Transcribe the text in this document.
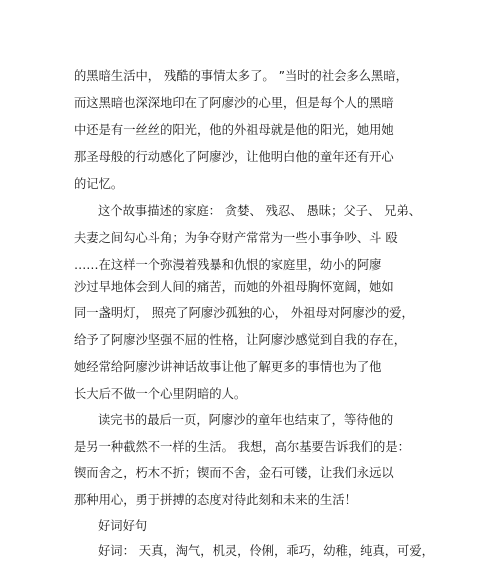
的黑暗生活中， 残酷的事情太多了。 ”当时的社会多么黑暗，
而这黑暗也深深地印在了阿廖沙的心里，但是每个人的黑暗
中还是有一丝丝的阳光，他的外祖母就是他的阳光，她用她
那圣母般的行动感化了阿廖沙，让他明白他的童年还有开心
的记忆。
这个故事描述的家庭： 贪婪、 残忍、 愚昧；父子、 兄弟、
夫妻之间勾心斗角；为争夺财产常常为一些小事争吵、斗 殴
……在这样一个弥漫着残暴和仇恨的家庭里，幼小的阿廖
沙过早地体会到人间的痛苦，而她的外祖母胸怀宽阔，她如
同一盏明灯， 照亮了阿廖沙孤独的心， 外祖母对阿廖沙的爱，
给予了阿廖沙坚强不屈的性格，让阿廖沙感觉到自我的存在，
她经常给阿廖沙讲神话故事让他了解更多的事情也为了他
长大后不做一个心里阴暗的人。
读完书的最后一页，阿廖沙的童年也结束了，等待他的
是另一种截然不一样的生活。 我想，高尔基要告诉我们的是：
锲而舍之，朽木不折；锲而不舍，金石可镂，让我们永远以
那种用心，勇于拼搏的态度对待此刻和未来的生活！
好词好句
好词： 天真，淘气，机灵，伶俐，乖巧，幼稚，纯真，可爱，
